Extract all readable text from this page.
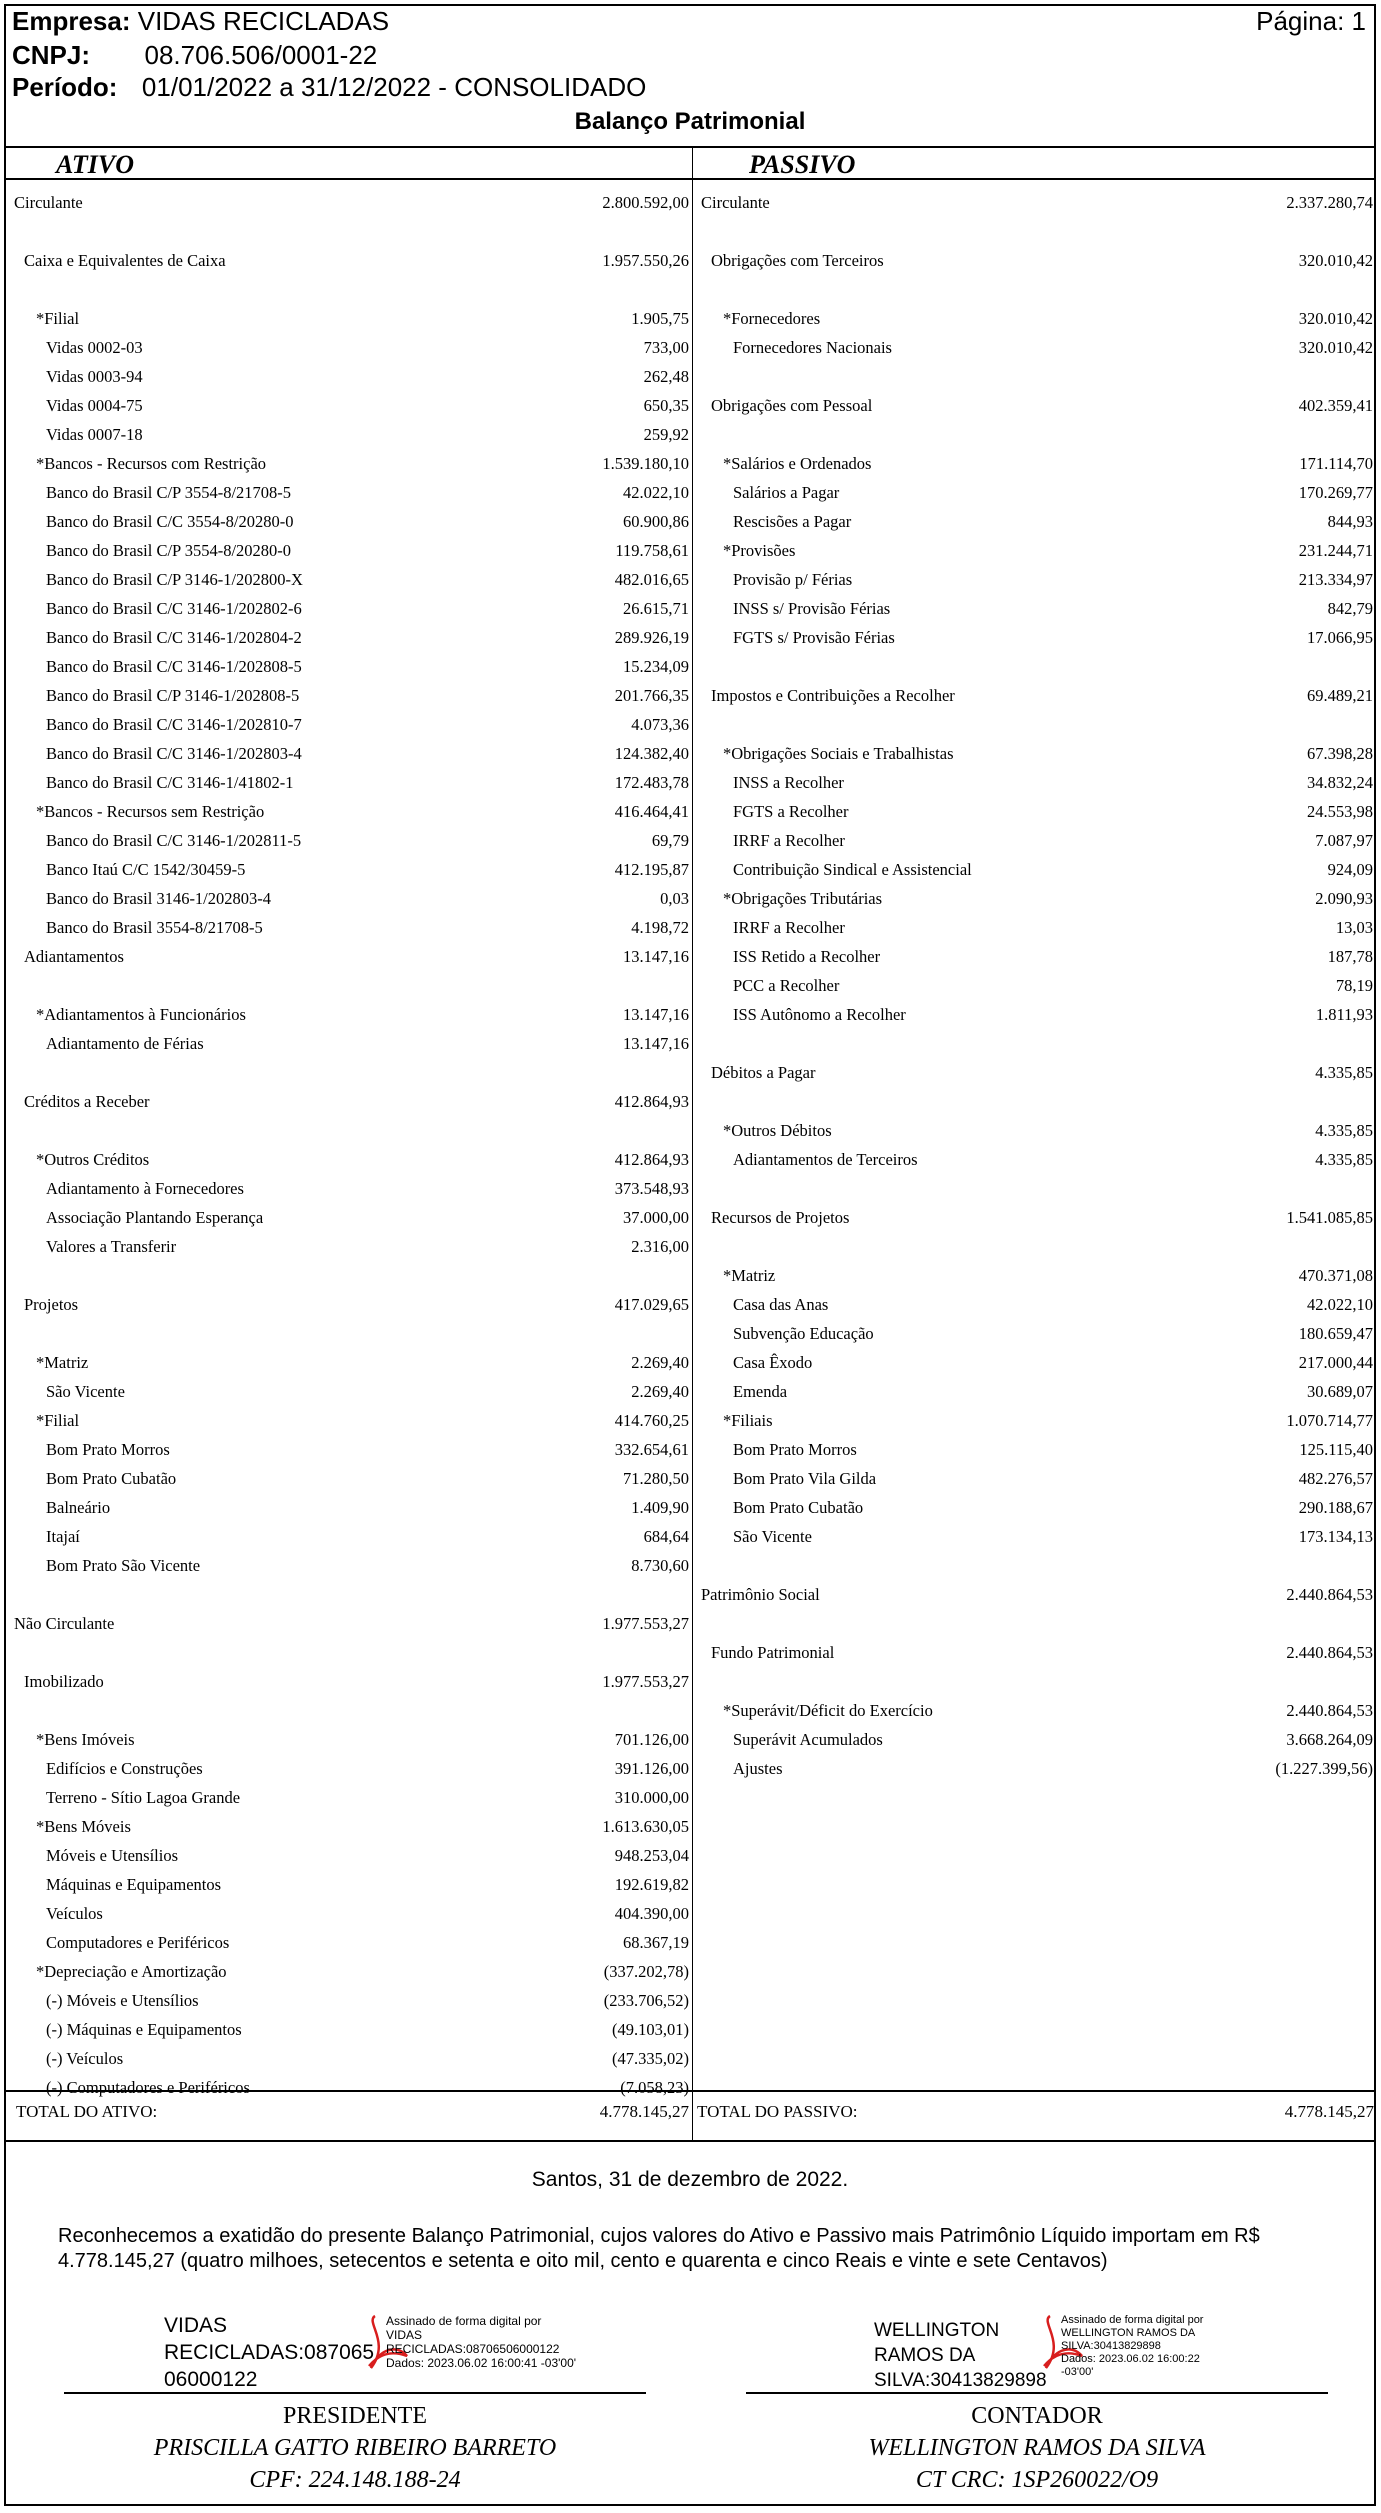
Empresa: VIDAS RECICLADAS	Página: 1
CNPJ: 08.706.506/0001-22
Período: 01/01/2022 a 31/12/2022 - CONSOLIDADO
Balanço Patrimonial
ATIVO	PASSIVO
Circulante	2.800.592,00
Caixa e Equivalentes de Caixa	1.957.550,26
*Filial	1.905,75
Vidas 0002-03	733,00
Vidas 0003-94	262,48
Vidas 0004-75	650,35
Vidas 0007-18	259,92
*Bancos - Recursos com Restrição	1.539.180,10
Banco do Brasil C/P 3554-8/21708-5	42.022,10
Banco do Brasil C/C 3554-8/20280-0	60.900,86
Banco do Brasil C/P 3554-8/20280-0	119.758,61
Banco do Brasil C/P 3146-1/202800-X	482.016,65
Banco do Brasil C/C 3146-1/202802-6	26.615,71
Banco do Brasil C/C 3146-1/202804-2	289.926,19
Banco do Brasil C/C 3146-1/202808-5	15.234,09
Banco do Brasil C/P 3146-1/202808-5	201.766,35
Banco do Brasil C/C 3146-1/202810-7	4.073,36
Banco do Brasil C/C 3146-1/202803-4	124.382,40
Banco do Brasil C/C 3146-1/41802-1	172.483,78
*Bancos - Recursos sem Restrição	416.464,41
Banco do Brasil C/C 3146-1/202811-5	69,79
Banco Itaú C/C 1542/30459-5	412.195,87
Banco do Brasil 3146-1/202803-4	0,03
Banco do Brasil 3554-8/21708-5	4.198,72
Adiantamentos	13.147,16
*Adiantamentos à Funcionários	13.147,16
Adiantamento de Férias	13.147,16
Créditos a Receber	412.864,93
*Outros Créditos	412.864,93
Adiantamento à Fornecedores	373.548,93
Associação Plantando Esperança	37.000,00
Valores a Transferir	2.316,00
Projetos	417.029,65
*Matriz	2.269,40
São Vicente	2.269,40
*Filial	414.760,25
Bom Prato Morros	332.654,61
Bom Prato Cubatão	71.280,50
Balneário	1.409,90
Itajaí	684,64
Bom Prato São Vicente	8.730,60
Não Circulante	1.977.553,27
Imobilizado	1.977.553,27
*Bens Imóveis	701.126,00
Edifícios e Construções	391.126,00
Terreno - Sítio Lagoa Grande	310.000,00
*Bens Móveis	1.613.630,05
Móveis e Utensílios	948.253,04
Máquinas e Equipamentos	192.619,82
Veículos	404.390,00
Computadores e Periféricos	68.367,19
*Depreciação e Amortização	(337.202,78)
(-) Móveis e Utensílios	(233.706,52)
(-) Máquinas e Equipamentos	(49.103,01)
(-) Veículos	(47.335,02)
(-) Computadores e Periféricos	(7.058,23)
Circulante	2.337.280,74
Obrigações com Terceiros	320.010,42
*Fornecedores	320.010,42
Fornecedores Nacionais	320.010,42
Obrigações com Pessoal	402.359,41
*Salários e Ordenados	171.114,70
Salários a Pagar	170.269,77
Rescisões a Pagar	844,93
*Provisões	231.244,71
Provisão p/ Férias	213.334,97
INSS s/ Provisão Férias	842,79
FGTS s/ Provisão Férias	17.066,95
Impostos e Contribuições a Recolher	69.489,21
*Obrigações Sociais e Trabalhistas	67.398,28
INSS a Recolher	34.832,24
FGTS a Recolher	24.553,98
IRRF a Recolher	7.087,97
Contribuição Sindical e Assistencial	924,09
*Obrigações Tributárias	2.090,93
IRRF a Recolher	13,03
ISS Retido a Recolher	187,78
PCC a Recolher	78,19
ISS Autônomo a Recolher	1.811,93
Débitos a Pagar	4.335,85
*Outros Débitos	4.335,85
Adiantamentos de Terceiros	4.335,85
Recursos de Projetos	1.541.085,85
*Matriz	470.371,08
Casa das Anas	42.022,10
Subvenção Educação	180.659,47
Casa Êxodo	217.000,44
Emenda	30.689,07
*Filiais	1.070.714,77
Bom Prato Morros	125.115,40
Bom Prato Vila Gilda	482.276,57
Bom Prato Cubatão	290.188,67
São Vicente	173.134,13
Patrimônio Social	2.440.864,53
Fundo Patrimonial	2.440.864,53
*Superávit/Déficit do Exercício	2.440.864,53
Superávit Acumulados	3.668.264,09
Ajustes	(1.227.399,56)
TOTAL DO ATIVO:	4.778.145,27 TOTAL DO PASSIVO:	4.778.145,27
Santos, 31 de dezembro de 2022.
Reconhecemos a exatidão do presente Balanço Patrimonial, cujos valores do Ativo e Passivo mais Patrimônio Líquido importam em R$ 4.778.145,27 (quatro milhoes, setecentos e setenta e oito mil, cento e quarenta e cinco Reais e vinte e sete Centavos)
VIDAS
RECICLADAS:087065
06000122
Assinado de forma digital por
VIDAS
RECICLADAS:08706506000122
Dados: 2023.06.02 16:00:41 -03'00'
PRESIDENTE
PRISCILLA GATTO RIBEIRO BARRETO
CPF: 224.148.188-24
WELLINGTON
RAMOS DA
SILVA:30413829898
Assinado de forma digital por
WELLINGTON RAMOS DA
SILVA:30413829898
Dados: 2023.06.02 16:00:22
-03'00'
CONTADOR
WELLINGTON RAMOS DA SILVA
CT CRC: 1SP260022/O9
